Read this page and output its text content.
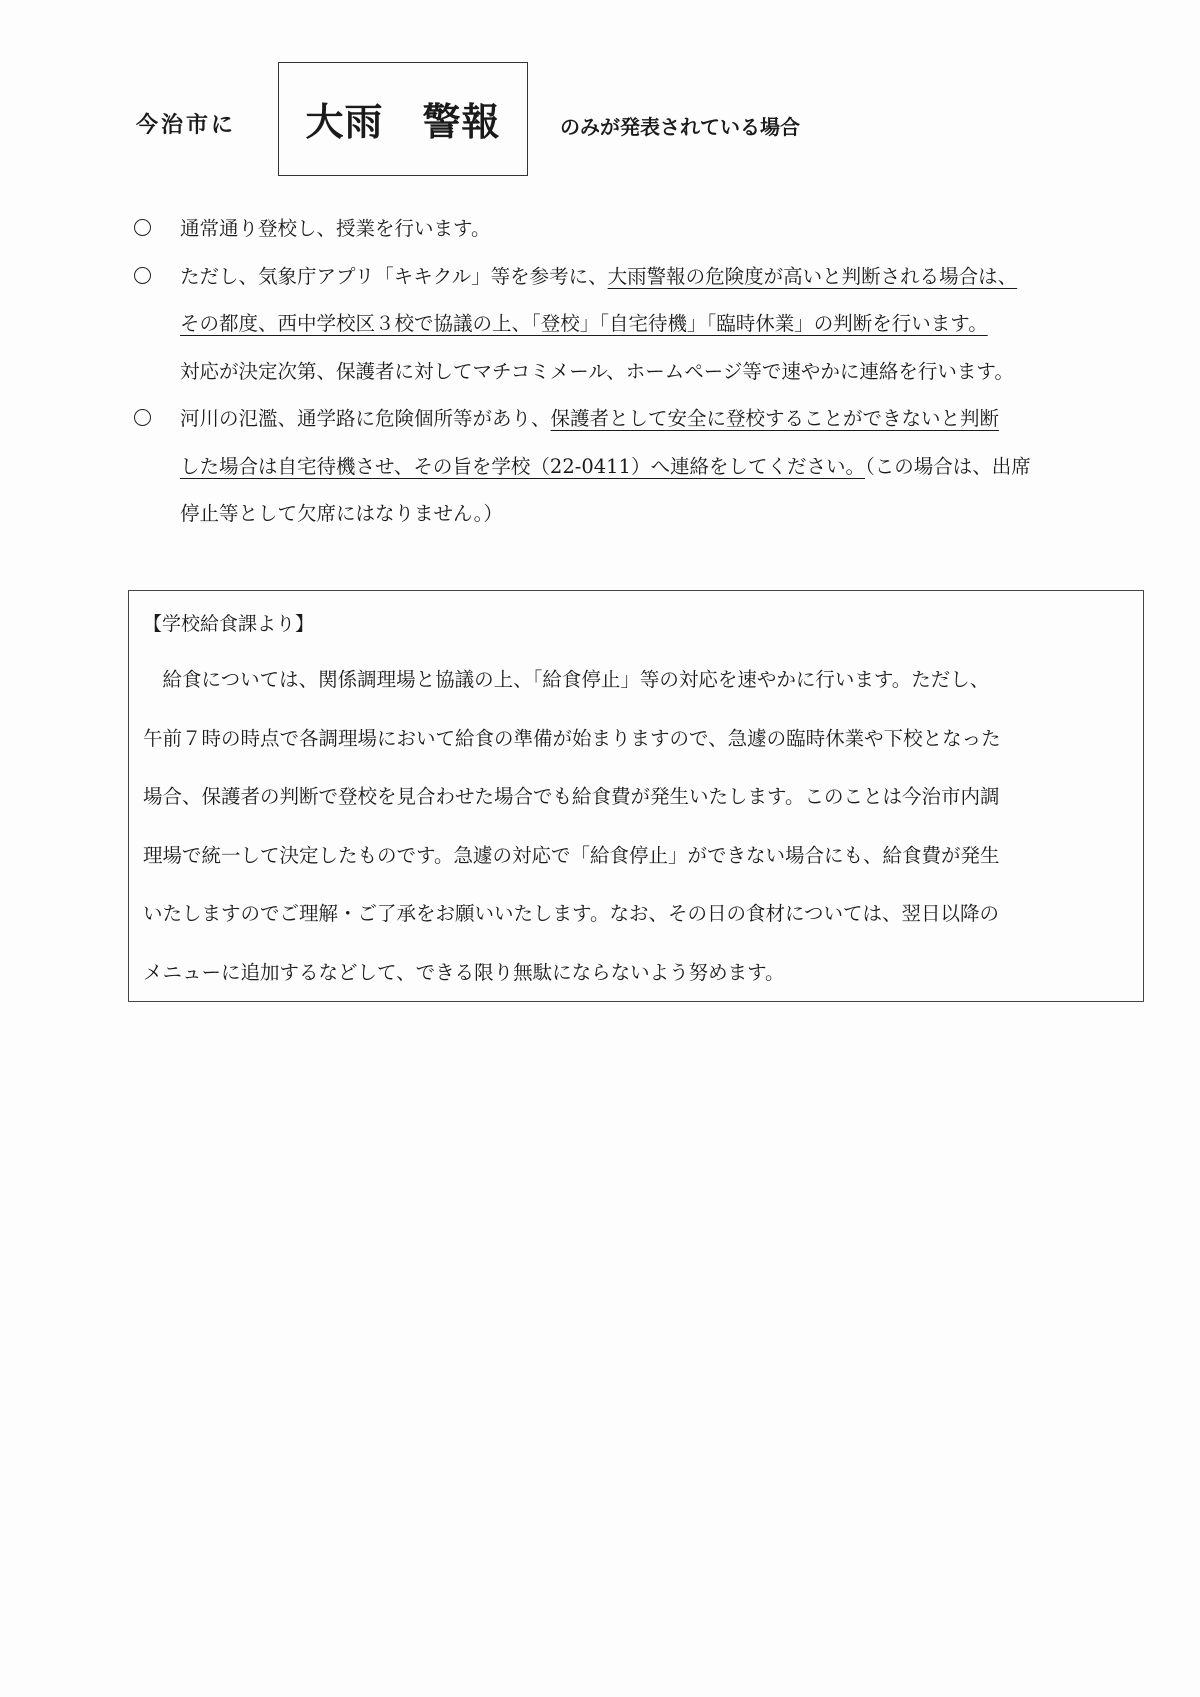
今治市に	大雨　警報	のみが発表されている場合
通常通り登校し、授業を行います。
ただし、気象庁アプリ「キキクル」等を参考に、大雨警報の危険度が高いと判断される場合は、
その都度、西中学校区３校で協議の上、「登校」「自宅待機」「臨時休業」の判断を行います。
対応が決定次第、保護者に対してマチコミメール、ホームページ等で速やかに連絡を行います。
河川の氾濫、通学路に危険個所等があり、保護者として安全に登校することができないと判断
した場合は自宅待機させ、その旨を学校（22-0411）へ連絡をしてください。（この場合は、出席
停止等として欠席にはなりません。）
【学校給食課より】
　給食については、関係調理場と協議の上、「給食停止」等の対応を速やかに行います。ただし、
午前７時の時点で各調理場において給食の準備が始まりますので、急遽の臨時休業や下校となった
場合、保護者の判断で登校を見合わせた場合でも給食費が発生いたします。このことは今治市内調
理場で統一して決定したものです。急遽の対応で「給食停止」ができない場合にも、給食費が発生
いたしますのでご理解・ご了承をお願いいたします。なお、その日の食材については、翌日以降の
メニューに追加するなどして、できる限り無駄にならないよう努めます。
